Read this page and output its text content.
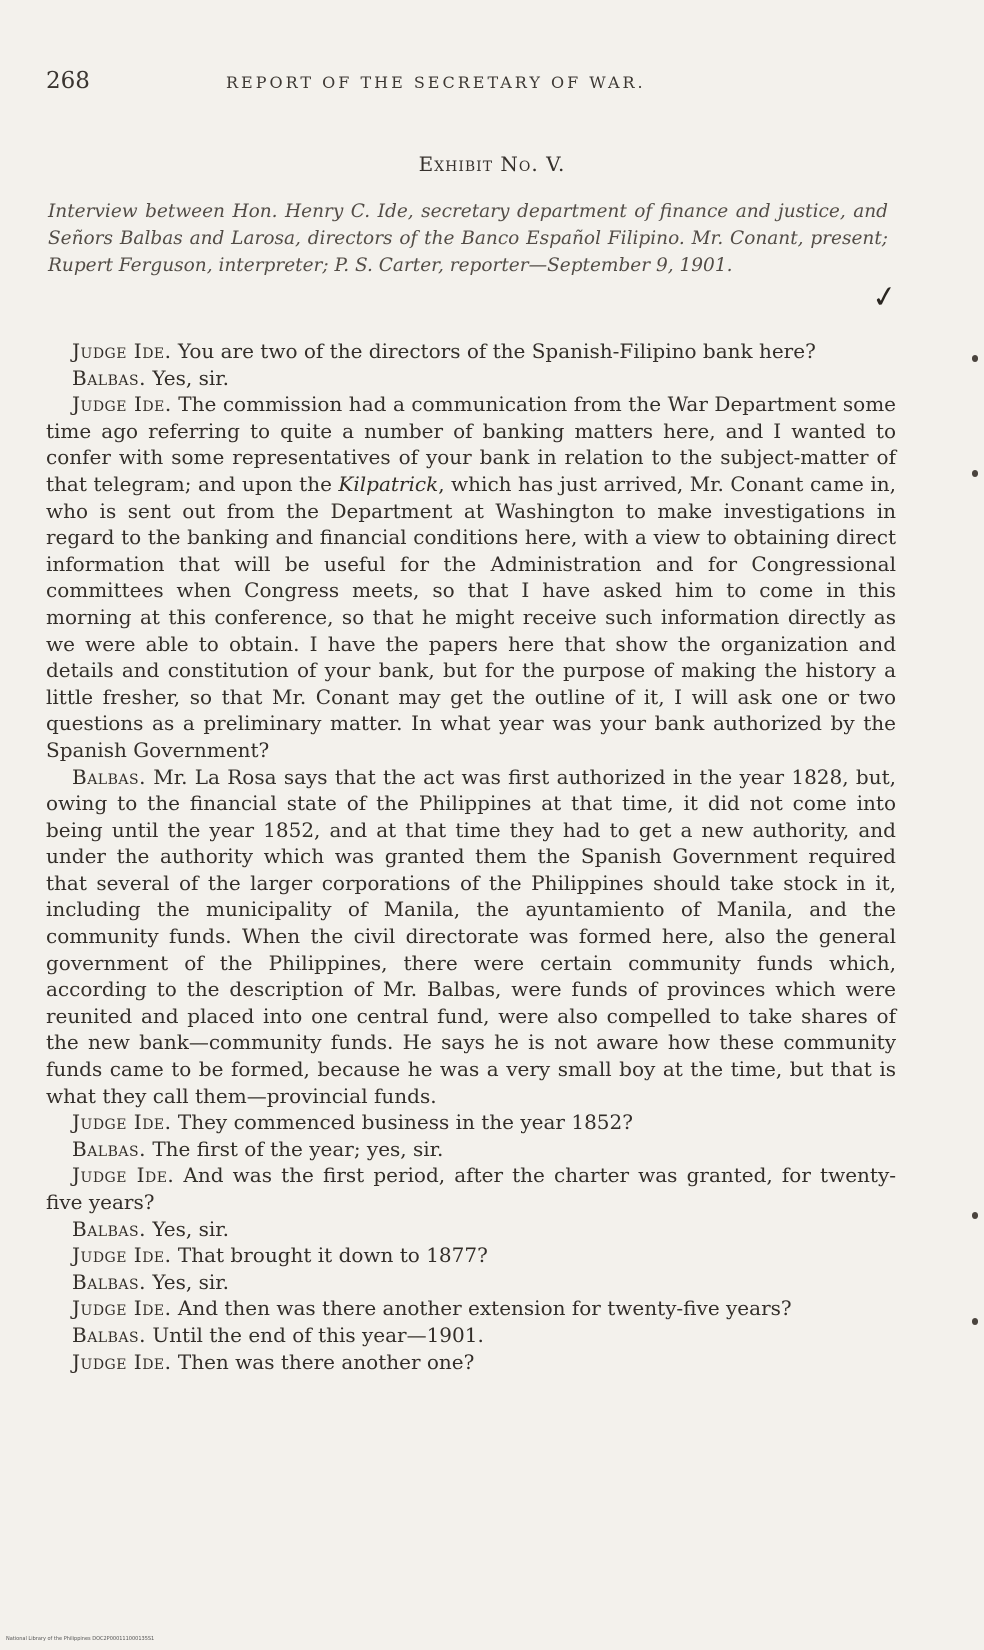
268	REPORT OF THE SECRETARY OF WAR.
Exhibit No. V.
Interview between Hon. Henry C. Ide, secretary department of finance and justice, and Señors Balbas and Larosa, directors of the Banco Español Filipino. Mr. Conant, present; Rupert Ferguson, interpreter; P. S. Carter, reporter—September 9, 1901.
✓

Judge Ide. You are two of the directors of the Spanish-Filipino bank here?

Balbas. Yes, sir.

Judge Ide. The commission had a communication from the War Department some time ago referring to quite a number of banking matters here, and I wanted to confer with some representatives of your bank in relation to the subject-matter of that telegram; and upon the Kilpatrick, which has just arrived, Mr. Conant came in, who is sent out from the Department at Washington to make investigations in regard to the banking and financial conditions here, with a view to obtaining direct information that will be useful for the Administration and for Congressional committees when Congress meets, so that I have asked him to come in this morning at this conference, so that he might receive such information directly as we were able to obtain. I have the papers here that show the organization and details and constitution of your bank, but for the purpose of making the history a little fresher, so that Mr. Conant may get the outline of it, I will ask one or two questions as a preliminary matter. In what year was your bank authorized by the Spanish Government?

Balbas. Mr. La Rosa says that the act was first authorized in the year 1828, but, owing to the financial state of the Philippines at that time, it did not come into being until the year 1852, and at that time they had to get a new authority, and under the authority which was granted them the Spanish Government required that several of the larger corporations of the Philippines should take stock in it, including the municipality of Manila, the ayuntamiento of Manila, and the community funds. When the civil directorate was formed here, also the general government of the Philippines, there were certain community funds which, according to the description of Mr. Balbas, were funds of provinces which were reunited and placed into one central fund, were also compelled to take shares of the new bank—community funds. He says he is not aware how these community funds came to be formed, because he was a very small boy at the time, but that is what they call them—provincial funds.

Judge Ide. They commenced business in the year 1852?

Balbas. The first of the year; yes, sir.

Judge Ide. And was the first period, after the charter was granted, for twenty-five years?

Balbas. Yes, sir.

Judge Ide. That brought it down to 1877?

Balbas. Yes, sir.

Judge Ide. And then was there another extension for twenty-five years?

Balbas. Until the end of this year—1901.

Judge Ide. Then was there another one?

National Library of the Philippines DOC2P000111000135S1
